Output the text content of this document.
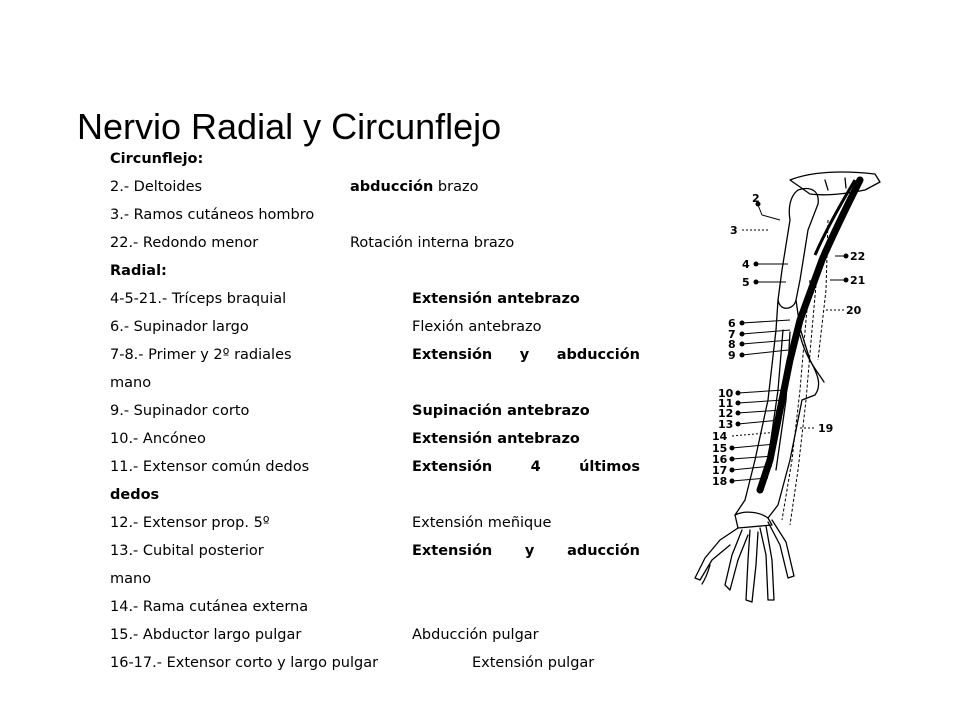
Nervio Radial y Circunflejo
Circunflejo:
2.- Deltoides	abducción brazo
3.- Ramos cutáneos hombro
22.- Redondo menor	Rotación interna brazo
Radial:
4-5-21.- Tríceps braquial	Extensión antebrazo
6.- Supinador largo	Flexión antebrazo
7-8.- Primer y 2º radiales	Extensión y abducción
mano
9.- Supinador corto	Supinación antebrazo
10.- Ancóneo	Extensión antebrazo
11.- Extensor común dedos	Extensión	4	últimos
dedos
12.- Extensor prop. 5º	Extensión meñique
13.- Cubital posterior	Extensión y aducción
mano
14.- Rama cutánea externa
15.- Abductor largo pulgar	Abducción pulgar
16-17.- Extensor corto y largo pulgar	Extensión pulgar
2
3
4
5
6
7
8
9
10
11
12
13
14
15
16
17
18
22
21
20
19
